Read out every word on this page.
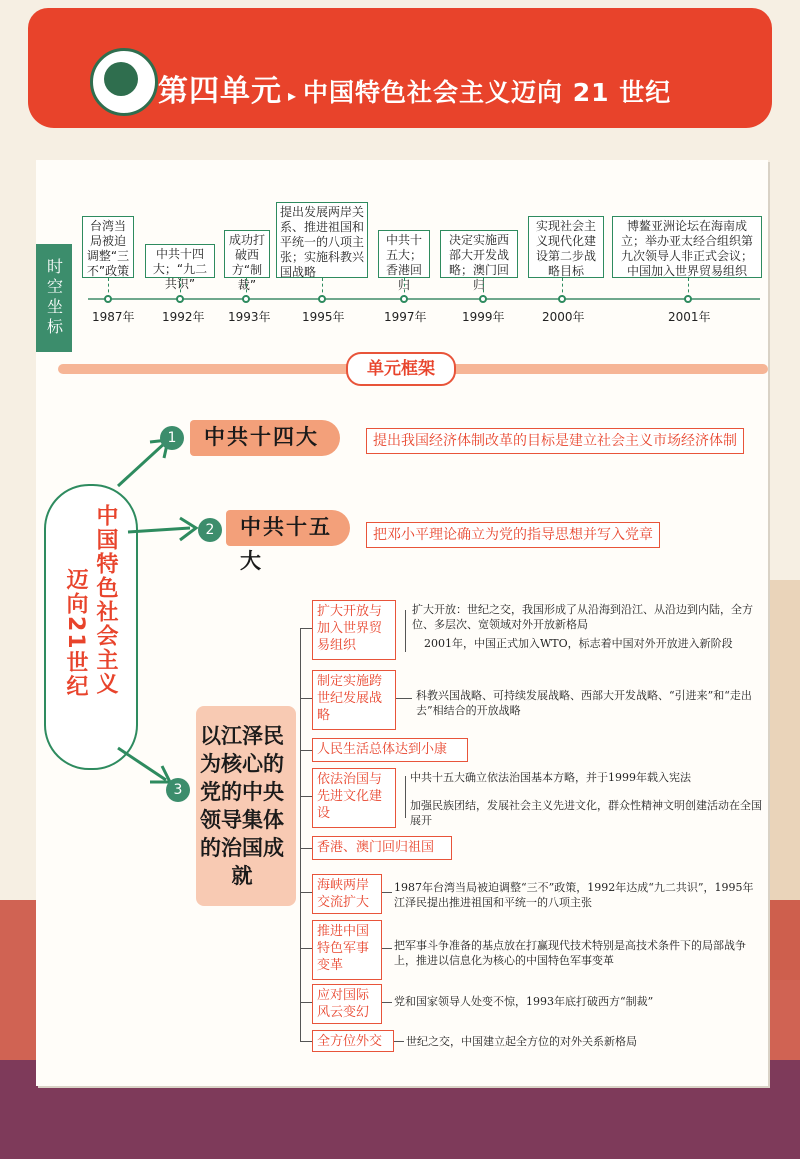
第四单元 ▸ 中国特色社会主义迈向 21 世纪
时空坐标
台湾当局被迫调整“三不”政策
1987年
中共十四大；“九二共识”
1992年
成功打破西方“制裁”
1993年
提出发展两岸关系、推进祖国和平统一的八项主张；实施科教兴国战略
1995年
中共十五大；香港回归
1997年
决定实施西部大开发战略；澳门回归
1999年
实现社会主义现代化建设第二步战略目标
2000年
博鳌亚洲论坛在海南成立；举办亚太经合组织第九次领导人非正式会议；中国加入世界贸易组织
2001年
单元框架
中国特色社会主义
迈向21世纪
1	中共十四大	提出我国经济体制改革的目标是建立社会主义市场经济体制
2	中共十五大
把邓小平理论确立为党的指导思想并写入党章
3
以江泽民为核心的党的中央领导集体的治国成就
扩大开放与加入世界贸易组织
扩大开放：世纪之交，我国形成了从沿海到沿江、从沿边到内陆，全方位、多层次、宽领域对外开放新格局
2001年，中国正式加入WTO，标志着中国对外开放进入新阶段
制定实施跨世纪发展战略
科教兴国战略、可持续发展战略、西部大开发战略、“引进来”和“走出去”相结合的开放战略
人民生活总体达到小康
依法治国与先进文化建设
中共十五大确立依法治国基本方略，并于1999年载入宪法
加强民族团结，发展社会主义先进文化，群众性精神文明创建活动在全国展开
香港、澳门回归祖国
海峡两岸交流扩大
1987年台湾当局被迫调整“三不”政策，1992年达成“九二共识”，1995年江泽民提出推进祖国和平统一的八项主张
推进中国特色军事变革
把军事斗争准备的基点放在打赢现代技术特别是高技术条件下的局部战争上，推进以信息化为核心的中国特色军事变革
应对国际风云变幻
党和国家领导人处变不惊，1993年底打破西方“制裁”
全方位外交	世纪之交，中国建立起全方位的对外关系新格局
